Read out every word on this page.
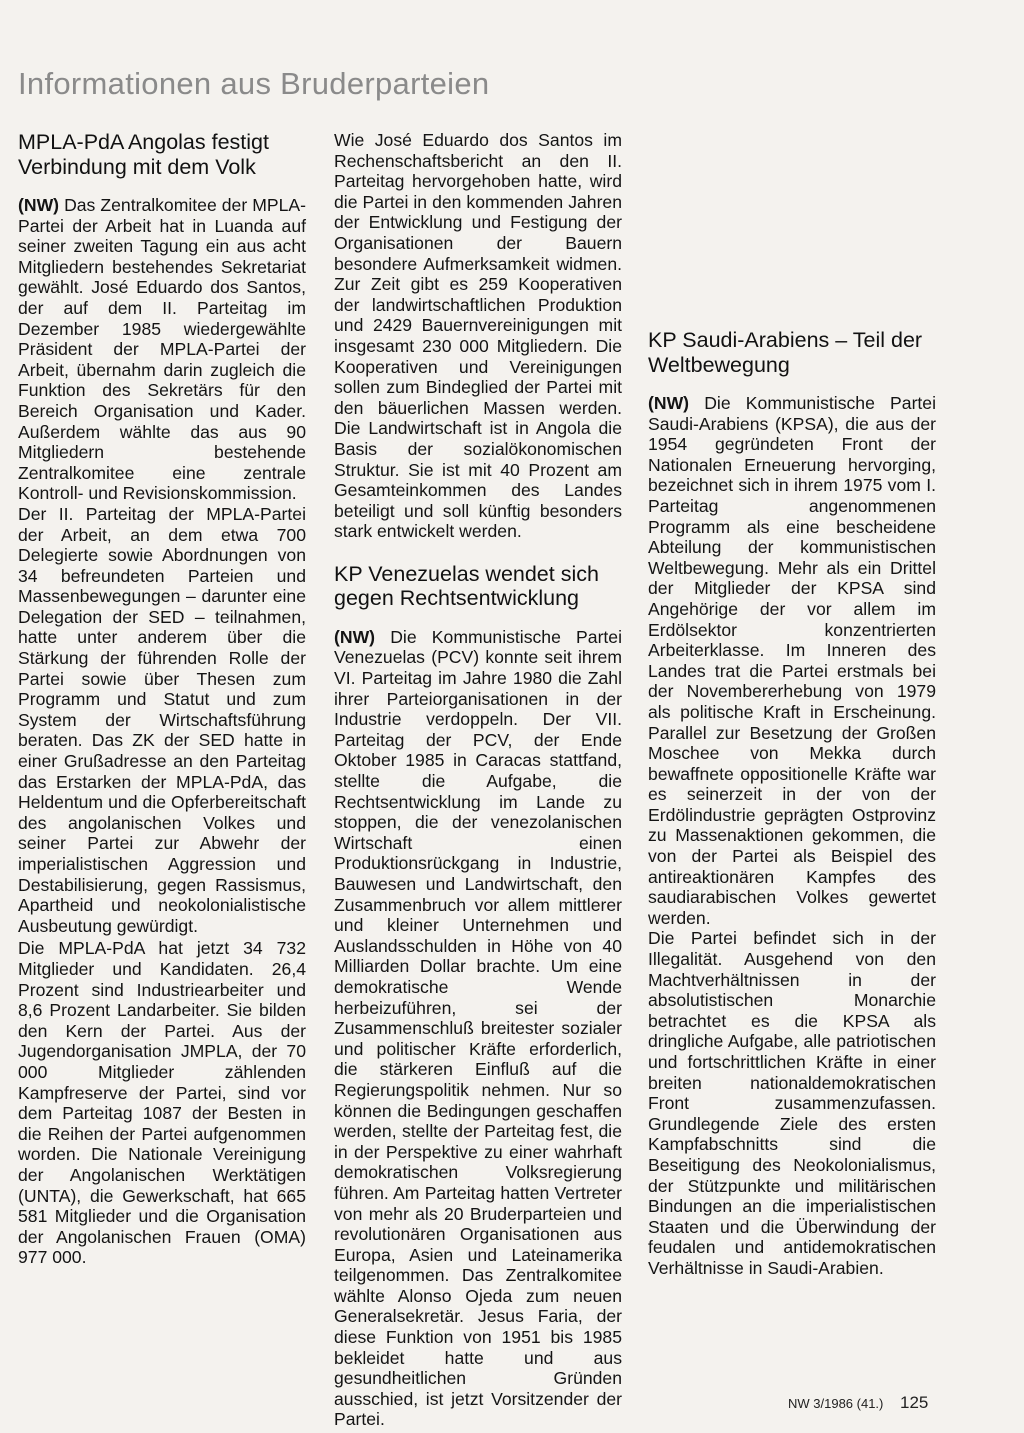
Informationen aus Bruderparteien
MPLA-PdA Angolas festigt Verbindung mit dem Volk

(NW) Das Zentralkomitee der MPLA-Partei der Arbeit hat in Luanda auf seiner zweiten Tagung ein aus acht Mitgliedern bestehendes Sekretariat gewählt. José Eduardo dos Santos, der auf dem II. Parteitag im Dezember 1985 wiedergewählte Präsident der MPLA-Partei der Arbeit, übernahm darin zugleich die Funktion des Sekretärs für den Bereich Organisation und Kader. Außerdem wählte das aus 90 Mitgliedern bestehende Zentralkomitee eine zentrale Kontroll- und Revisionskommission.

Der II. Parteitag der MPLA-Partei der Arbeit, an dem etwa 700 Delegierte sowie Abordnungen von 34 befreundeten Parteien und Massenbewegungen – darunter eine Delegation der SED – teilnahmen, hatte unter anderem über die Stärkung der führenden Rolle der Partei sowie über Thesen zum Programm und Statut und zum System der Wirtschaftsführung beraten. Das ZK der SED hatte in einer Grußadresse an den Parteitag das Erstarken der MPLA-PdA, das Heldentum und die Opferbereitschaft des angolanischen Volkes und seiner Partei zur Abwehr der imperialistischen Aggression und Destabilisierung, gegen Rassismus, Apartheid und neokolonialistische Ausbeutung gewürdigt.

Die MPLA-PdA hat jetzt 34 732 Mitglieder und Kandidaten. 26,4 Prozent sind Industriearbeiter und 8,6 Prozent Landarbeiter. Sie bilden den Kern der Partei. Aus der Jugendorganisation JMPLA, der 70 000 Mitglieder zählenden Kampfreserve der Partei, sind vor dem Parteitag 1087 der Besten in die Reihen der Partei aufgenommen worden. Die Nationale Vereinigung der Angolanischen Werktätigen (UNTA), die Gewerkschaft, hat 665 581 Mitglieder und die Organisation der Angolanischen Frauen (OMA) 977 000.

Wie José Eduardo dos Santos im Rechenschaftsbericht an den II. Parteitag hervorgehoben hatte, wird die Partei in den kommenden Jahren der Entwicklung und Festigung der Organisationen der Bauern besondere Aufmerksamkeit widmen. Zur Zeit gibt es 259 Kooperativen der landwirtschaftlichen Produktion und 2429 Bauernvereinigungen mit insgesamt 230 000 Mitgliedern. Die Kooperativen und Vereinigungen sollen zum Bindeglied der Partei mit den bäuerlichen Massen werden. Die Landwirtschaft ist in Angola die Basis der sozialökonomischen Struktur. Sie ist mit 40 Prozent am Gesamteinkommen des Landes beteiligt und soll künftig besonders stark entwickelt werden.

KP Venezuelas wendet sich gegen Rechtsentwicklung

(NW) Die Kommunistische Partei Venezuelas (PCV) konnte seit ihrem VI. Parteitag im Jahre 1980 die Zahl ihrer Parteiorganisationen in der Industrie verdoppeln. Der VII. Parteitag der PCV, der Ende Oktober 1985 in Caracas stattfand, stellte die Aufgabe, die Rechtsentwicklung im Lande zu stoppen, die der venezolanischen Wirtschaft einen Produktionsrückgang in Industrie, Bauwesen und Landwirtschaft, den Zusammenbruch vor allem mittlerer und kleiner Unternehmen und Auslandsschulden in Höhe von 40 Milliarden Dollar brachte. Um eine demokratische Wende herbeizuführen, sei der Zusammenschluß breitester sozialer und politischer Kräfte erforderlich, die stärkeren Einfluß auf die Regierungspolitik nehmen. Nur so können die Bedingungen geschaffen werden, stellte der Parteitag fest, die in der Perspektive zu einer wahrhaft demokratischen Volksregierung führen. Am Parteitag hatten Vertreter von mehr als 20 Bruderparteien und revolutionären Organisationen aus Europa, Asien und Lateinamerika teilgenommen. Das Zentralkomitee wählte Alonso Ojeda zum neuen Generalsekretär. Jesus Faria, der diese Funktion von 1951 bis 1985 bekleidet hatte und aus gesundheitlichen Gründen ausschied, ist jetzt Vorsitzender der Partei.

KP Saudi-Arabiens – Teil der Weltbewegung

(NW) Die Kommunistische Partei Saudi-Arabiens (KPSA), die aus der 1954 gegründeten Front der Nationalen Erneuerung hervorging, bezeichnet sich in ihrem 1975 vom I. Parteitag angenommenen Programm als eine bescheidene Abteilung der kommunistischen Weltbewegung. Mehr als ein Drittel der Mitglieder der KPSA sind Angehörige der vor allem im Erdölsektor konzentrierten Arbeiterklasse. Im Inneren des Landes trat die Partei erstmals bei der Novembererhebung von 1979 als politische Kraft in Erscheinung. Parallel zur Besetzung der Großen Moschee von Mekka durch bewaffnete oppositionelle Kräfte war es seinerzeit in der von der Erdölindustrie geprägten Ostprovinz zu Massenaktionen gekommen, die von der Partei als Beispiel des antireaktionären Kampfes des saudiarabischen Volkes gewertet werden.

Die Partei befindet sich in der Illegalität. Ausgehend von den Machtverhältnissen in der absolutistischen Monarchie betrachtet es die KPSA als dringliche Aufgabe, alle patriotischen und fortschrittlichen Kräfte in einer breiten nationaldemokratischen Front zusammenzufassen. Grundlegende Ziele des ersten Kampfabschnitts sind die Beseitigung des Neokolonialismus, der Stützpunkte und militärischen Bindungen an die imperialistischen Staaten und die Überwindung der feudalen und antidemokratischen Verhältnisse in Saudi-Arabien.

NW 3/1986 (41.) 125
